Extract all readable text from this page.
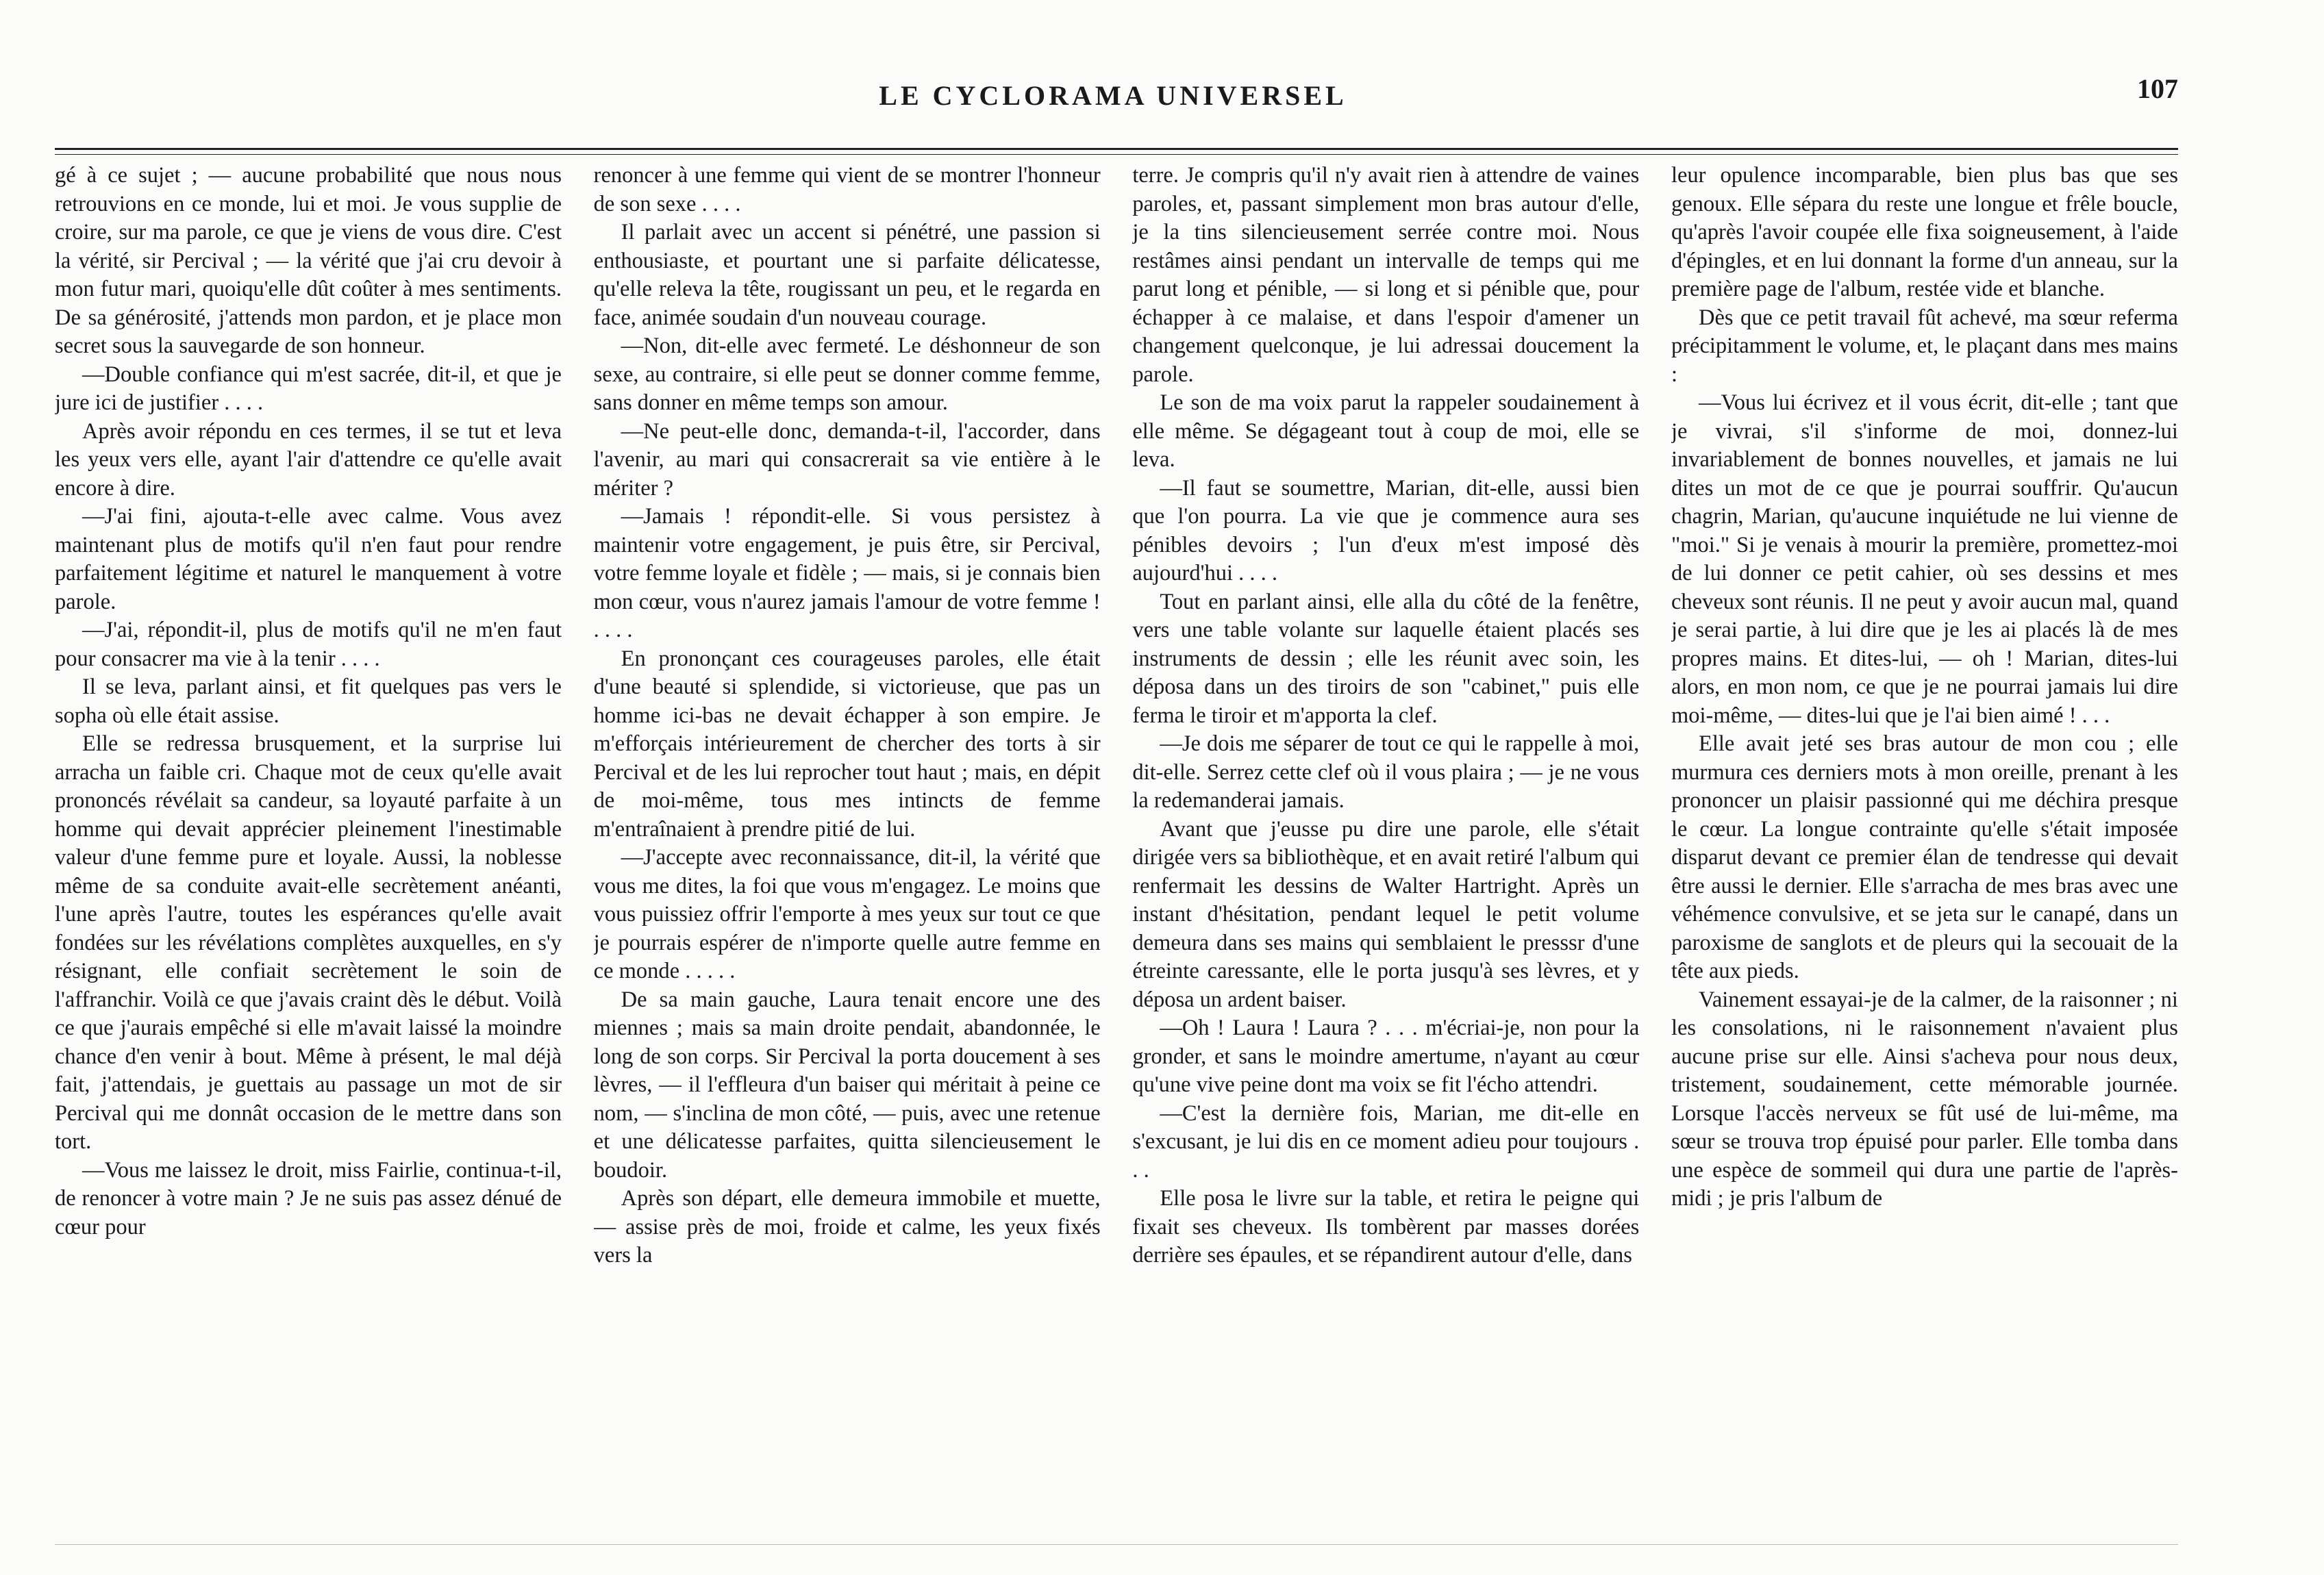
LE CYCLORAMA UNIVERSEL	107

gé à ce sujet ; — aucune probabilité que nous nous retrouvions en ce monde, lui et moi. Je vous supplie de croire, sur ma parole, ce que je viens de vous dire. C'est la vérité, sir Percival ; — la vérité que j'ai cru devoir à mon futur mari, quoiqu'elle dût coûter à mes sentiments. De sa générosité, j'attends mon pardon, et je place mon secret sous la sauvegarde de son honneur.

—Double confiance qui m'est sacrée, dit-il, et que je jure ici de justifier . . . .

Après avoir répondu en ces termes, il se tut et leva les yeux vers elle, ayant l'air d'attendre ce qu'elle avait encore à dire.

—J'ai fini, ajouta-t-elle avec calme. Vous avez maintenant plus de motifs qu'il n'en faut pour rendre parfaitement légitime et naturel le manquement à votre parole.

—J'ai, répondit-il, plus de motifs qu'il ne m'en faut pour consacrer ma vie à la tenir . . . .

Il se leva, parlant ainsi, et fit quelques pas vers le sopha où elle était assise.

Elle se redressa brusquement, et la surprise lui arracha un faible cri. Chaque mot de ceux qu'elle avait prononcés révélait sa candeur, sa loyauté parfaite à un homme qui devait apprécier pleinement l'inestimable valeur d'une femme pure et loyale. Aussi, la noblesse même de sa conduite avait-elle secrètement anéanti, l'une après l'autre, toutes les espérances qu'elle avait fondées sur les révélations complètes auxquelles, en s'y résignant, elle confiait secrètement le soin de l'affranchir. Voilà ce que j'avais craint dès le début. Voilà ce que j'aurais empêché si elle m'avait laissé la moindre chance d'en venir à bout. Même à présent, le mal déjà fait, j'attendais, je guettais au passage un mot de sir Percival qui me donnât occasion de le mettre dans son tort.

—Vous me laissez le droit, miss Fairlie, continua-t-il, de renoncer à votre main ? Je ne suis pas assez dénué de cœur pour

renoncer à une femme qui vient de se montrer l'honneur de son sexe . . . .

Il parlait avec un accent si pénétré, une passion si enthousiaste, et pourtant une si parfaite délicatesse, qu'elle releva la tête, rougissant un peu, et le regarda en face, animée soudain d'un nouveau courage.

—Non, dit-elle avec fermeté. Le déshonneur de son sexe, au contraire, si elle peut se donner comme femme, sans donner en même temps son amour.

—Ne peut-elle donc, demanda-t-il, l'accorder, dans l'avenir, au mari qui consacrerait sa vie entière à le mériter ?

—Jamais ! répondit-elle. Si vous persistez à maintenir votre engagement, je puis être, sir Percival, votre femme loyale et fidèle ; — mais, si je connais bien mon cœur, vous n'aurez jamais l'amour de votre femme ! . . . .

En prononçant ces courageuses paroles, elle était d'une beauté si splendide, si victorieuse, que pas un homme ici-bas ne devait échapper à son empire. Je m'efforçais intérieurement de chercher des torts à sir Percival et de les lui reprocher tout haut ; mais, en dépit de moi-même, tous mes intincts de femme m'entraînaient à prendre pitié de lui.

—J'accepte avec reconnaissance, dit-il, la vérité que vous me dites, la foi que vous m'engagez. Le moins que vous puissiez offrir l'emporte à mes yeux sur tout ce que je pourrais espérer de n'importe quelle autre femme en ce monde . . . . .

De sa main gauche, Laura tenait encore une des miennes ; mais sa main droite pendait, abandonnée, le long de son corps. Sir Percival la porta doucement à ses lèvres, — il l'effleura d'un baiser qui méritait à peine ce nom, — s'inclina de mon côté, — puis, avec une retenue et une délicatesse parfaites, quitta silencieusement le boudoir.

Après son départ, elle demeura immobile et muette, — assise près de moi, froide et calme, les yeux fixés vers la

terre. Je compris qu'il n'y avait rien à attendre de vaines paroles, et, passant simplement mon bras autour d'elle, je la tins silencieusement serrée contre moi. Nous restâmes ainsi pendant un intervalle de temps qui me parut long et pénible, — si long et si pénible que, pour échapper à ce malaise, et dans l'espoir d'amener un changement quelconque, je lui adressai doucement la parole.

Le son de ma voix parut la rappeler soudainement à elle même. Se dégageant tout à coup de moi, elle se leva.

—Il faut se soumettre, Marian, dit-elle, aussi bien que l'on pourra. La vie que je commence aura ses pénibles devoirs ; l'un d'eux m'est imposé dès aujourd'hui . . . .

Tout en parlant ainsi, elle alla du côté de la fenêtre, vers une table volante sur laquelle étaient placés ses instruments de dessin ; elle les réunit avec soin, les déposa dans un des tiroirs de son "cabinet," puis elle ferma le tiroir et m'apporta la clef.

—Je dois me séparer de tout ce qui le rappelle à moi, dit-elle. Serrez cette clef où il vous plaira ; — je ne vous la redemanderai jamais.

Avant que j'eusse pu dire une parole, elle s'était dirigée vers sa bibliothèque, et en avait retiré l'album qui renfermait les dessins de Walter Hartright. Après un instant d'hésitation, pendant lequel le petit volume demeura dans ses mains qui semblaient le presssr d'une étreinte caressante, elle le porta jusqu'à ses lèvres, et y déposa un ardent baiser.

—Oh ! Laura ! Laura ? . . . m'écriai-je, non pour la gronder, et sans le moindre amertume, n'ayant au cœur qu'une vive peine dont ma voix se fit l'écho attendri.

—C'est la dernière fois, Marian, me dit-elle en s'excusant, je lui dis en ce moment adieu pour toujours . . .

Elle posa le livre sur la table, et retira le peigne qui fixait ses cheveux. Ils tombèrent par masses dorées derrière ses épaules, et se répandirent autour d'elle, dans

leur opulence incomparable, bien plus bas que ses genoux. Elle sépara du reste une longue et frêle boucle, qu'après l'avoir coupée elle fixa soigneusement, à l'aide d'épingles, et en lui donnant la forme d'un anneau, sur la première page de l'album, restée vide et blanche.

Dès que ce petit travail fût achevé, ma sœur referma précipitamment le volume, et, le plaçant dans mes mains :

—Vous lui écrivez et il vous écrit, dit-elle ; tant que je vivrai, s'il s'informe de moi, donnez-lui invariablement de bonnes nouvelles, et jamais ne lui dites un mot de ce que je pourrai souffrir. Qu'aucun chagrin, Marian, qu'aucune inquiétude ne lui vienne de "moi." Si je venais à mourir la première, promettez-moi de lui donner ce petit cahier, où ses dessins et mes cheveux sont réunis. Il ne peut y avoir aucun mal, quand je serai partie, à lui dire que je les ai placés là de mes propres mains. Et dites-lui, — oh ! Marian, dites-lui alors, en mon nom, ce que je ne pourrai jamais lui dire moi-même, — dites-lui que je l'ai bien aimé ! . . .

Elle avait jeté ses bras autour de mon cou ; elle murmura ces derniers mots à mon oreille, prenant à les prononcer un plaisir passionné qui me déchira presque le cœur. La longue contrainte qu'elle s'était imposée disparut devant ce premier élan de tendresse qui devait être aussi le dernier. Elle s'arracha de mes bras avec une véhémence convulsive, et se jeta sur le canapé, dans un paroxisme de sanglots et de pleurs qui la secouait de la tête aux pieds.

Vainement essayai-je de la calmer, de la raisonner ; ni les consolations, ni le raisonnement n'avaient plus aucune prise sur elle. Ainsi s'acheva pour nous deux, tristement, soudainement, cette mémorable journée. Lorsque l'accès nerveux se fût usé de lui-même, ma sœur se trouva trop épuisé pour parler. Elle tomba dans une espèce de sommeil qui dura une partie de l'après-midi ; je pris l'album de
